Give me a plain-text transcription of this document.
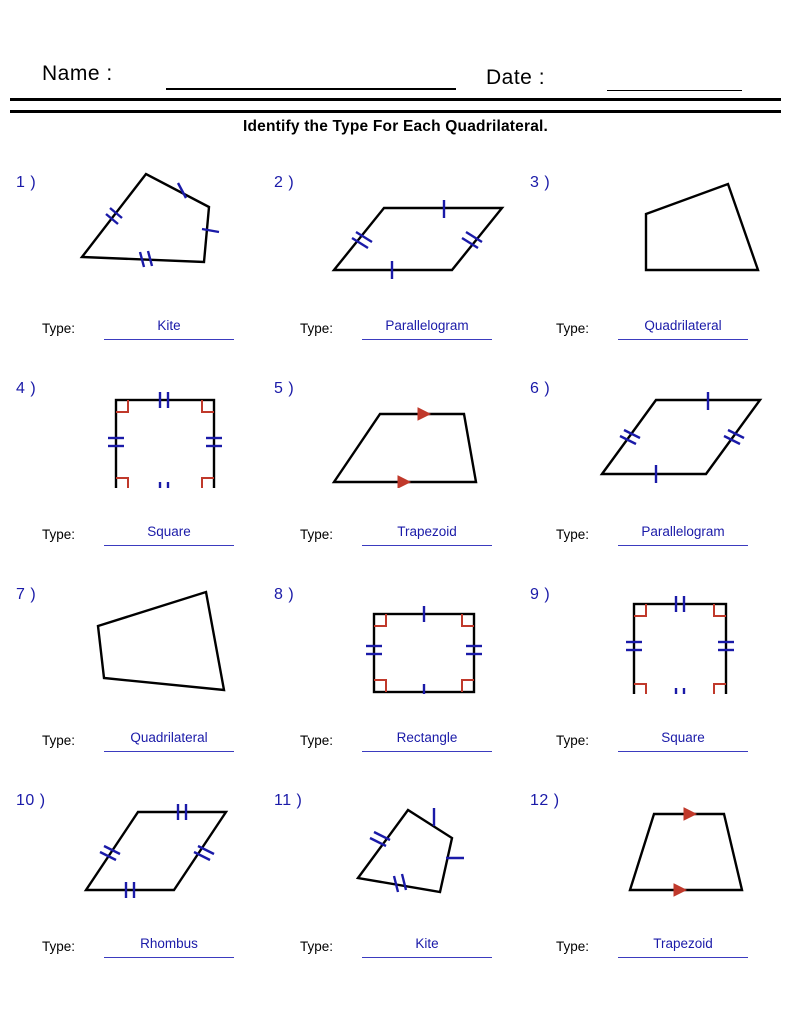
Name :	Date :
Identify the Type For Each Quadrilateral.
1 )
Type:	Kite
2 )
Type:	Parallelogram
3 )
Type:	Quadrilateral
4 )
Type:	Square
5 )
Type:	Trapezoid
6 )
Type:	Parallelogram
7 )
Type:	Quadrilateral
8 )
Type:	Rectangle
9 )
Type:	Square
10 )
Type:	Rhombus
11 )
Type:	Kite
12 )
Type:	Trapezoid
